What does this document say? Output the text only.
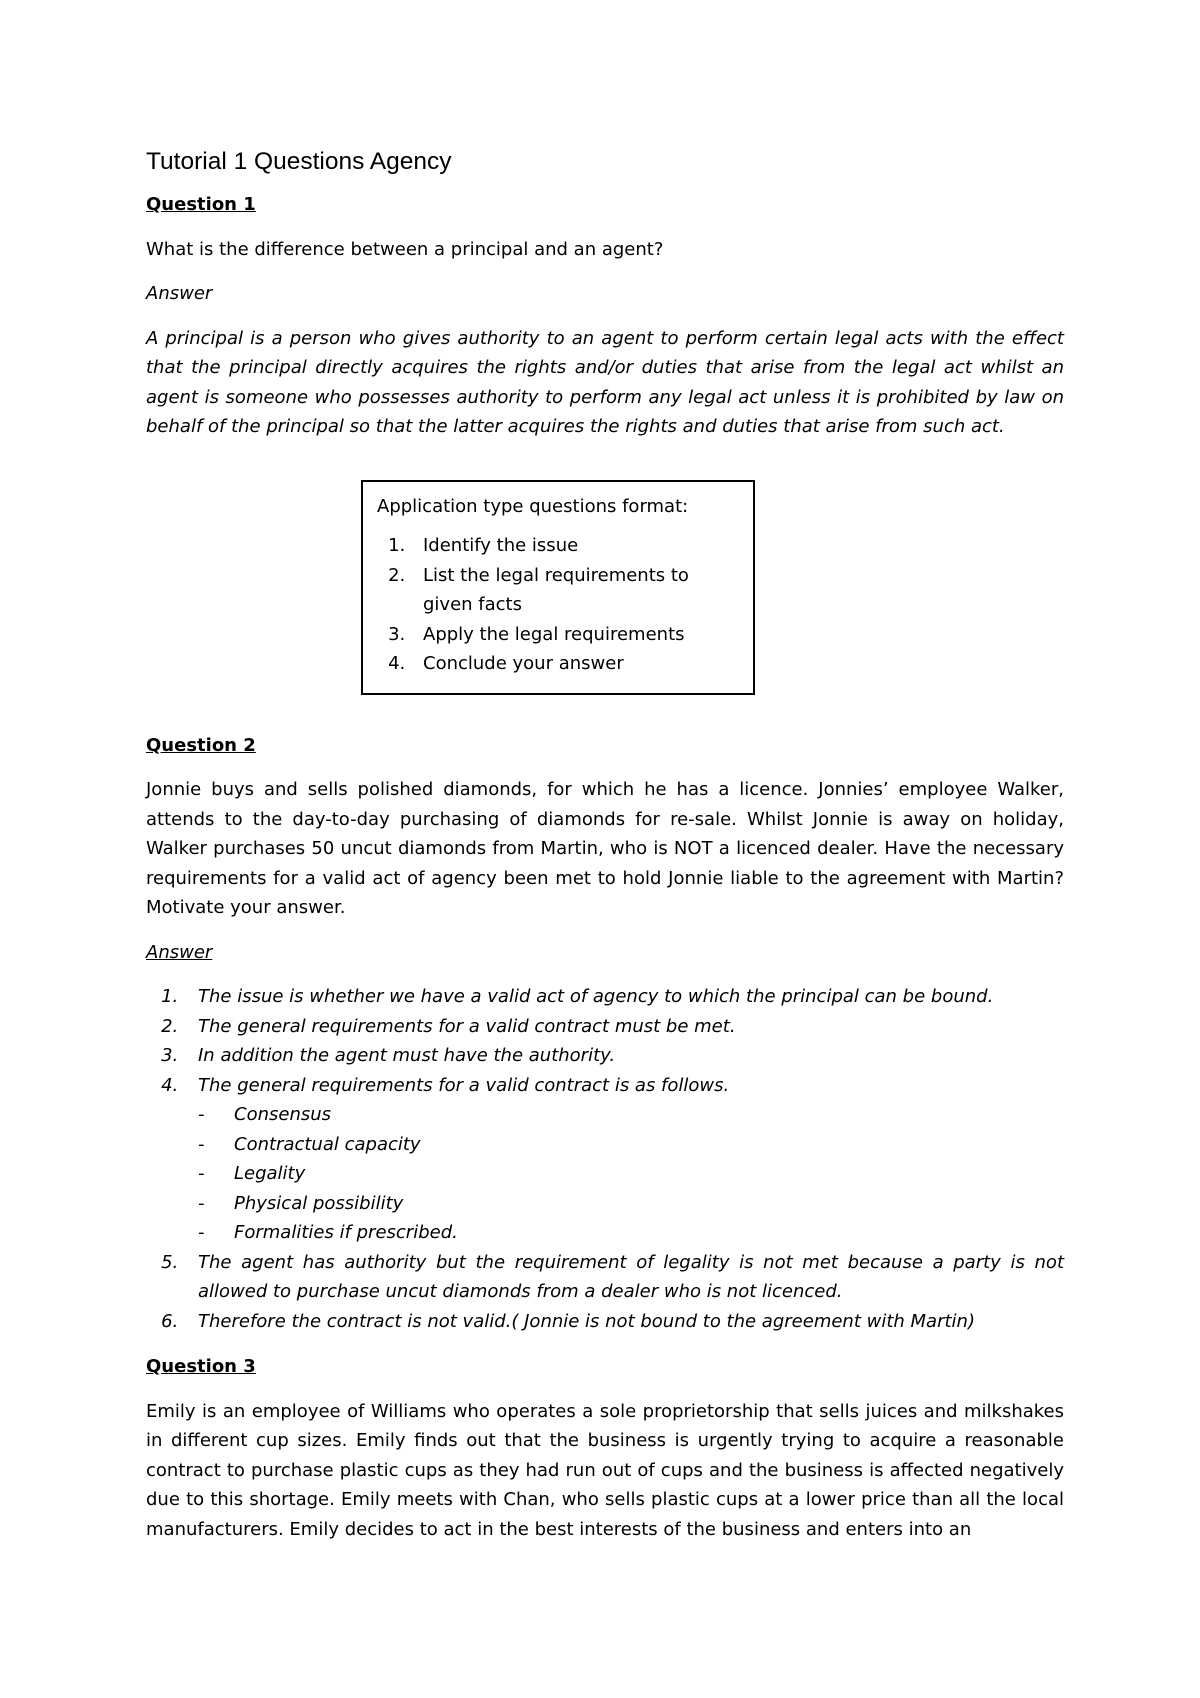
Tutorial 1 Questions Agency
Question 1

What is the difference between a principal and an agent?

Answer

A principal is a person who gives authority to an agent to perform certain legal acts with the effect that the principal directly acquires the rights and/or duties that arise from the legal act whilst an agent is someone who possesses authority to perform any legal act unless it is prohibited by law on behalf of the principal so that the latter acquires the rights and duties that arise from such act.

Application type questions format:
1. Identify the issue
2. List the legal requirements to given facts
3. Apply the legal requirements
4. Conclude your answer
Question 2

Jonnie buys and sells polished diamonds, for which he has a licence. Jonnies’ employee Walker, attends to the day-to-day purchasing of diamonds for re-sale. Whilst Jonnie is away on holiday, Walker purchases 50 uncut diamonds from Martin, who is NOT a licenced dealer. Have the necessary requirements for a valid act of agency been met to hold Jonnie liable to the agreement with Martin? Motivate your answer.

Answer
1. The issue is whether we have a valid act of agency to which the principal can be bound.
2. The general requirements for a valid contract must be met.
3. In addition the agent must have the authority.
4. The general requirements for a valid contract is as follows.
- Consensus
- Contractual capacity
- Legality
- Physical possibility
- Formalities if prescribed.
5. The agent has authority but the requirement of legality is not met because a party is not allowed to purchase uncut diamonds from a dealer who is not licenced.
6. Therefore the contract is not valid.( Jonnie is not bound to the agreement with Martin)
Question 3

Emily is an employee of Williams who operates a sole proprietorship that sells juices and milkshakes in different cup sizes. Emily finds out that the business is urgently trying to acquire a reasonable contract to purchase plastic cups as they had run out of cups and the business is affected negatively due to this shortage. Emily meets with Chan, who sells plastic cups at a lower price than all the local manufacturers. Emily decides to act in the best interests of the business and enters into an
